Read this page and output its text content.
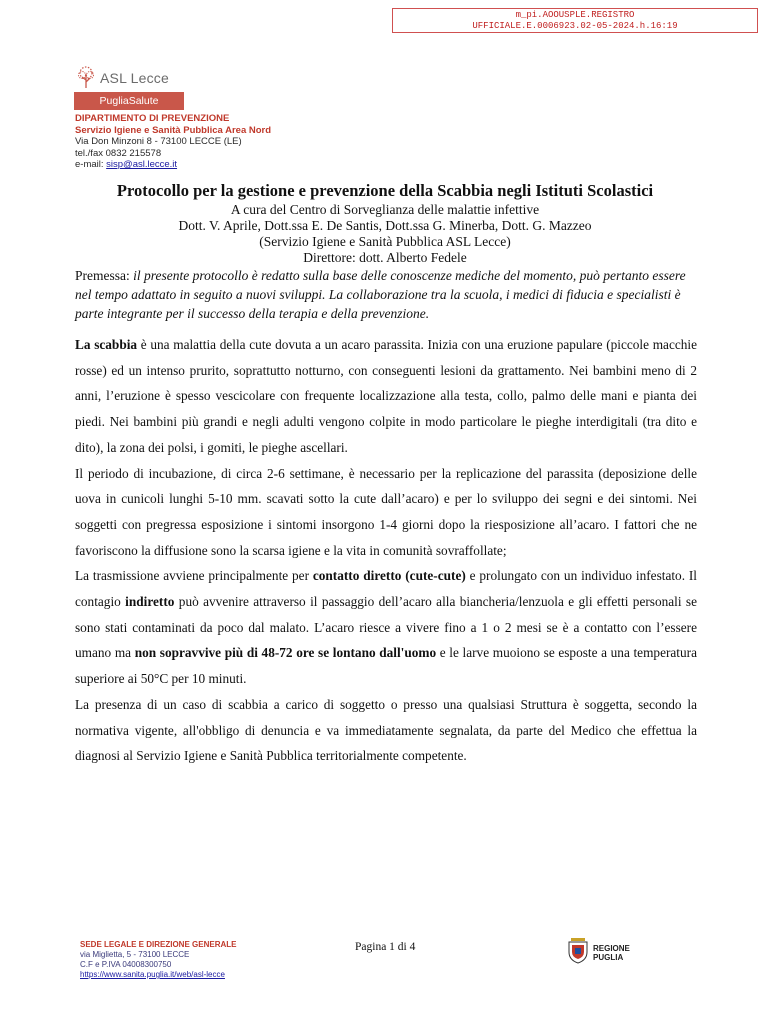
m_pi.AOOUSPLE.REGISTRO
UFFICIALE.E.0006923.02-05-2024.h.16:19
ASL Lecce
PugliaSalute
DIPARTIMENTO DI PREVENZIONE
Servizio Igiene e Sanità Pubblica Area Nord
Via Don Minzoni 8 - 73100 LECCE (LE)
tel./fax 0832 215578
e-mail: sisp@asl.lecce.it
Protocollo per la gestione e prevenzione della Scabbia negli Istituti Scolastici
A cura del Centro di Sorveglianza delle malattie infettive
Dott. V. Aprile, Dott.ssa E. De Santis, Dott.ssa G. Minerba, Dott. G. Mazzeo
(Servizio Igiene e Sanità Pubblica ASL Lecce)
Direttore: dott. Alberto Fedele
Premessa: il presente protocollo è redatto sulla base delle conoscenze mediche del momento, può pertanto essere nel tempo adattato in seguito a nuovi sviluppi. La collaborazione tra la scuola, i medici di fiducia e specialisti è parte integrante per il successo della terapia e della prevenzione.

La scabbia è una malattia della cute dovuta a un acaro parassita. Inizia con una eruzione papulare (piccole macchie rosse) ed un intenso prurito, soprattutto notturno, con conseguenti lesioni da grattamento. Nei bambini meno di 2 anni, l’eruzione è spesso vescicolare con frequente localizzazione alla testa, collo, palmo delle mani e pianta dei piedi. Nei bambini più grandi e negli adulti vengono colpite in modo particolare le pieghe interdigitali (tra dito e dito), la zona dei polsi, i gomiti, le pieghe ascellari.

Il periodo di incubazione, di circa 2-6 settimane, è necessario per la replicazione del parassita (deposizione delle uova in cunicoli lunghi 5-10 mm. scavati sotto la cute dall’acaro) e per lo sviluppo dei segni e dei sintomi. Nei soggetti con pregressa esposizione i sintomi insorgono 1-4 giorni dopo la riesposizione all’acaro. I fattori che ne favoriscono la diffusione sono la scarsa igiene e la vita in comunità sovraffollate;

La trasmissione avviene principalmente per contatto diretto (cute-cute) e prolungato con un individuo infestato. Il contagio indiretto può avvenire attraverso il passaggio dell’acaro alla biancheria/lenzuola e gli effetti personali se sono stati contaminati da poco dal malato. L’acaro riesce a vivere fino a 1 o 2 mesi se è a contatto con l’essere umano ma non sopravvive più di 48-72 ore se lontano dall'uomo e le larve muoiono se esposte a una temperatura superiore ai 50°C per 10 minuti.

La presenza di un caso di scabbia a carico di soggetto o presso una qualsiasi Struttura è soggetta, secondo la normativa vigente, all'obbligo di denuncia e va immediatamente segnalata, da parte del Medico che effettua la diagnosi al Servizio Igiene e Sanità Pubblica territorialmente competente.

SEDE LEGALE E DIREZIONE GENERALE
via Miglietta, 5 - 73100 LECCE
C.F e P.IVA 04008300750
https://www.sanita.puglia.it/web/asl-lecce
Pagina 1 di 4	REGIONE
PUGLIA
